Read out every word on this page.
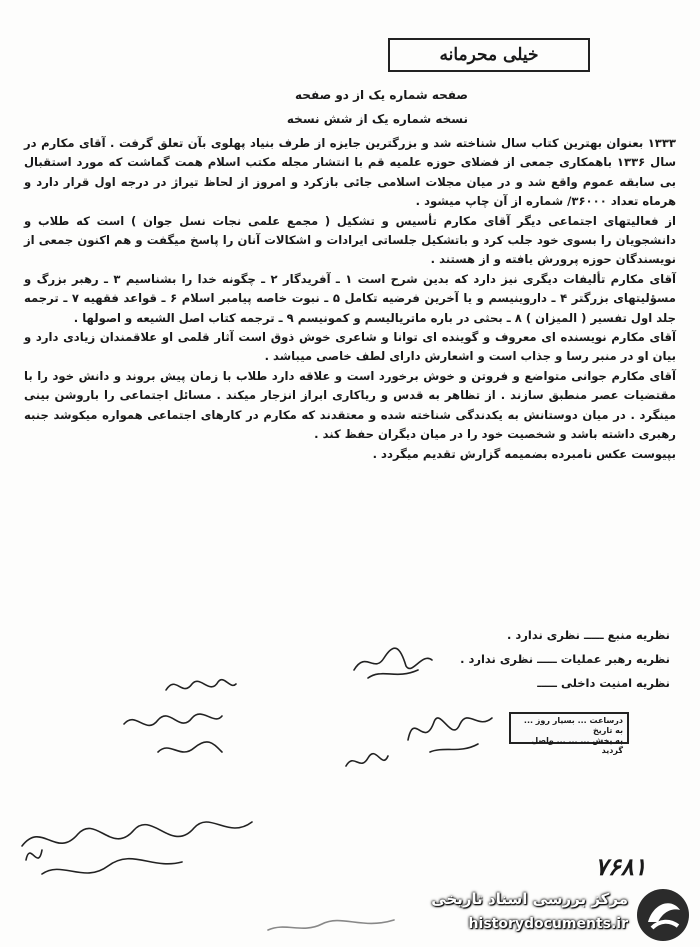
خیلی محرمانه
صفحه شماره یک از دو صفحه
نسخه شماره یک از شش نسخه

۱۳۳۳ بعنوان بهترین کتاب سال شناخته شد و بزرگترین جایزه از طرف بنیاد پهلوی بآن تعلق گرفت . آقای مکارم در سال ۱۳۳۶ باهمکاری جمعی از فضلای حوزه علمیه قم با انتشار مجله مکتب اسلام همت گماشت که مورد استقبال بی سابقه عموم واقع شد و در میان مجلات اسلامی جائی بازکرد و امروز از لحاظ تیراژ در درجه اول قرار دارد و هرماه تعداد ۳۶۰۰۰/ شماره از آن چاپ میشود .

از فعالیتهای اجتماعی دیگر آقای مکارم تأسیس و تشکیل ( مجمع علمی نجات نسل جوان ) است که طلاب و دانشجویان را بسوی خود جلب کرد و باتشکیل جلساتی ایرادات و اشکالات آنان را پاسخ میگفت و هم اکنون جمعی از نویسندگان حوزه پرورش یافته و از هستند .

آقای مکارم تألیفات دیگری نیز دارد که بدین شرح است ۱ ـ آفریدگار ۲ ـ چگونه خدا را بشناسیم ۳ ـ رهبر بزرگ و مسؤلیتهای بزرگتر ۴ ـ داروینیسم و یا آخرین فرضیه تکامل ۵ ـ نبوت خاصه پیامبر اسلام ۶ ـ قواعد فقهیه ۷ ـ ترجمه جلد اول تفسیر ( المیزان ) ۸ ـ بحثی در باره ماتریالیسم و کمونیسم ۹ ـ ترجمه کتاب اصل الشیعه و اصولها .

آقای مکارم نویسنده ای معروف و گوینده ای توانا و شاعری خوش ذوق است آثار قلمی او علاقمندان زیادی دارد و بیان او در منبر رسا و جذاب است و اشعارش دارای لطف خاصی میباشد .

آقای مکارم جوانی متواضع و فروتن و خوش برخورد است و علاقه دارد طلاب با زمان پیش بروند و دانش خود را با مقتضیات عصر منطبق سازند . از تظاهر به قدس و ریاکاری ابراز انزجار میکند . مسائل اجتماعی را باروشن بینی مینگرد . در میان دوستانش به یکدندگی شناخته شده و معتقدند که مکارم در کارهای اجتماعی همواره میکوشد جنبه رهبری داشته باشد و شخصیت خود را در میان دیگران حفظ کند .

بپیوست عکس نامبرده بضمیمه گزارش تقدیم میگردد .

نظریه منبع ـــــ نظری ندارد .
نظریه رهبر عملیات ـــــ نظری ندارد .
نظریه امنیت داخلی ـــــ
درساعت ... بسیار روز ... به تاریخ
به بخش ... ... ... واصل گردید
۷۶۸۱
مرکز بررسی اسناد تاریخی
historydocuments.ir
